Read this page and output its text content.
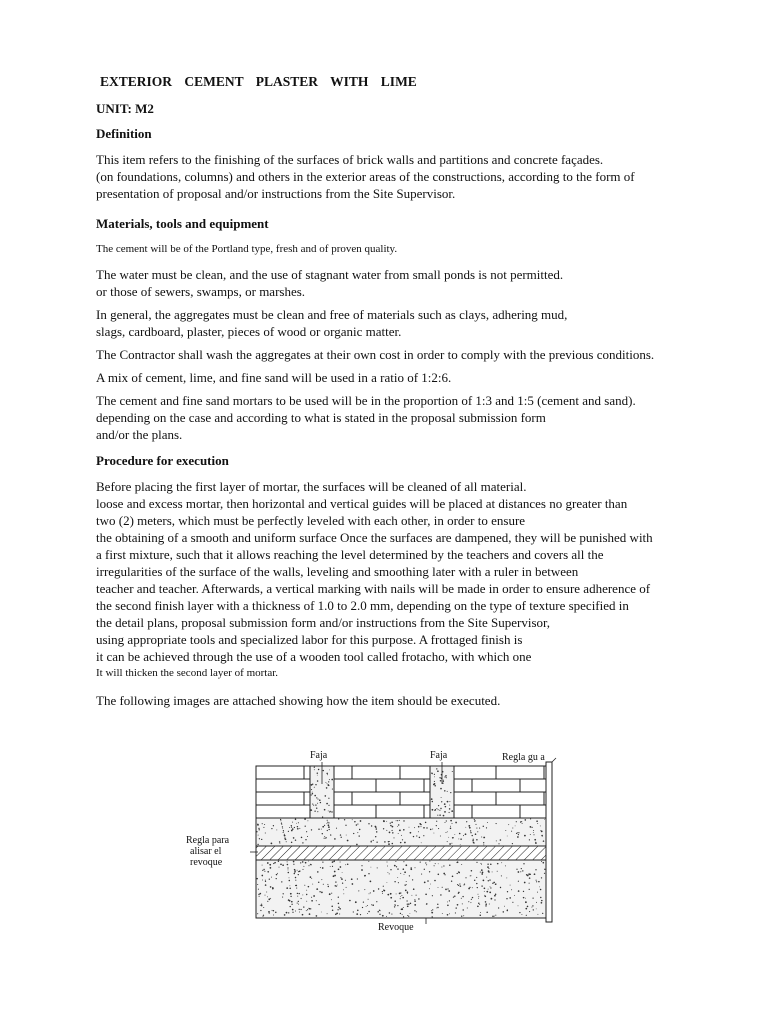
EXTERIOR CEMENT PLASTER WITH LIME
UNIT: M2
Definition
This item refers to the finishing of the surfaces of brick walls and partitions and concrete façades.
(on foundations, columns) and others in the exterior areas of the constructions, according to the form of
presentation of proposal and/or instructions from the Site Supervisor.
Materials, tools and equipment
The cement will be of the Portland type, fresh and of proven quality.
The water must be clean, and the use of stagnant water from small ponds is not permitted.
or those of sewers, swamps, or marshes.
In general, the aggregates must be clean and free of materials such as clays, adhering mud,
slags, cardboard, plaster, pieces of wood or organic matter.
The Contractor shall wash the aggregates at their own cost in order to comply with the previous conditions.
A mix of cement, lime, and fine sand will be used in a ratio of 1:2:6.
The cement and fine sand mortars to be used will be in the proportion of 1:3 and 1:5 (cement and sand).
depending on the case and according to what is stated in the proposal submission form
and/or the plans.
Procedure for execution
Before placing the first layer of mortar, the surfaces will be cleaned of all material.
loose and excess mortar, then horizontal and vertical guides will be placed at distances no greater than
two (2) meters, which must be perfectly leveled with each other, in order to ensure
the obtaining of a smooth and uniform surface Once the surfaces are dampened, they will be punished with
a first mixture, such that it allows reaching the level determined by the teachers and covers all the
irregularities of the surface of the walls, leveling and smoothing later with a ruler in between
teacher and teacher. Afterwards, a vertical marking with nails will be made in order to ensure adherence of
the second finish layer with a thickness of 1.0 to 2.0 mm, depending on the type of texture specified in
the detail plans, proposal submission form and/or instructions from the Site Supervisor,
using appropriate tools and specialized labor for this purpose. A frottaged finish is
it can be achieved through the use of a wooden tool called frotacho, with which one
It will thicken the second layer of mortar.
The following images are attached showing how the item should be executed.
Faja	Faja	Regla gu a
Regla para
alisar el
revoque
Revoque
